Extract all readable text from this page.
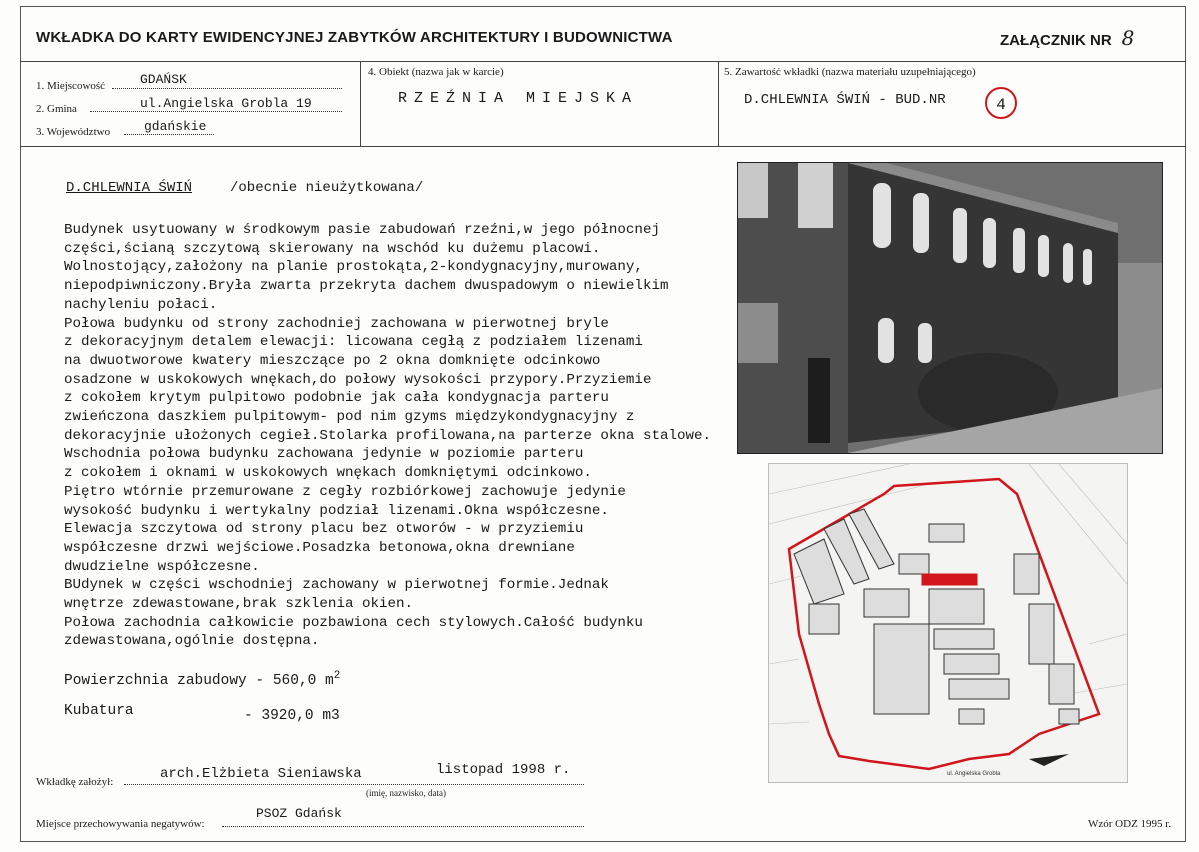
WKŁADKA DO KARTY EWIDENCYJNEJ ZABYTKÓW ARCHITEKTURY I BUDOWNICTWA	ZAŁĄCZNIK NR 8
1. Miejscowość	GDAŃSK
2. Gmina	ul.Angielska Grobla 19
3. Województwo	gdańskie
4. Obiekt (nazwa jak w karcie)
RZEŹNIA MIEJSKA
5. Zawartość wkładki (nazwa materiału uzupełniającego)
D.CHLEWNIA ŚWIŃ - BUD.NR	4
D.CHLEWNIA ŚWIŃ	/obecnie nieużytkowana/
Budynek usytuowany w środkowym pasie zabudowań rzeźni,w jego północnej
części,ścianą szczytową skierowany na wschód ku dużemu placowi.
Wolnostojący,założony na planie prostokąta,2-kondygnacyjny,murowany,
niepodpiwniczony.Bryła zwarta przekryta dachem dwuspadowym o niewielkim
nachyleniu połaci.
Połowa budynku od strony zachodniej zachowana w pierwotnej bryle
z dekoracyjnym detalem elewacji: licowana cegłą z podziałem lizenami
na dwuotworowe kwatery mieszczące po 2 okna domknięte odcinkowo
osadzone w uskokowych wnękach,do połowy wysokości przypory.Przyziemie
z cokołem krytym pulpitowo podobnie jak cała kondygnacja parteru
zwieńczona daszkiem pulpitowym- pod nim gzyms międzykondygnacyjny z
dekoracyjnie ułożonych cegieł.Stolarka profilowana,na parterze okna stalowe.
Wschodnia połowa budynku zachowana jedynie w poziomie parteru
z cokołem i oknami w uskokowych wnękach domkniętymi odcinkowo.
Piętro wtórnie przemurowane z cegły rozbiórkowej zachowuje jedynie
wysokość budynku i wertykalny podział lizenami.Okna współczesne.
Elewacja szczytowa od strony placu bez otworów - w przyziemiu
współczesne drzwi wejściowe.Posadzka betonowa,okna drewniane
dwudzielne współczesne.
BUdynek w części wschodniej zachowany w pierwotnej formie.Jednak
wnętrze zdewastowane,brak szklenia okien.
Połowa zachodnia całkowicie pozbawiona cech stylowych.Całość budynku
zdewastowana,ogólnie dostępna.
Powierzchnia zabudowy - 560,0 $m^2$
Kubatura	- 3920,0 m3
ul. Angielska Grobla
Wkładkę założył:	arch.Elżbieta Sieniawska	listopad 1998 r.
(imię, nazwisko, data)
Miejsce przechowywania negatywów:
PSOZ Gdańsk
Wzór ODZ 1995 r.
